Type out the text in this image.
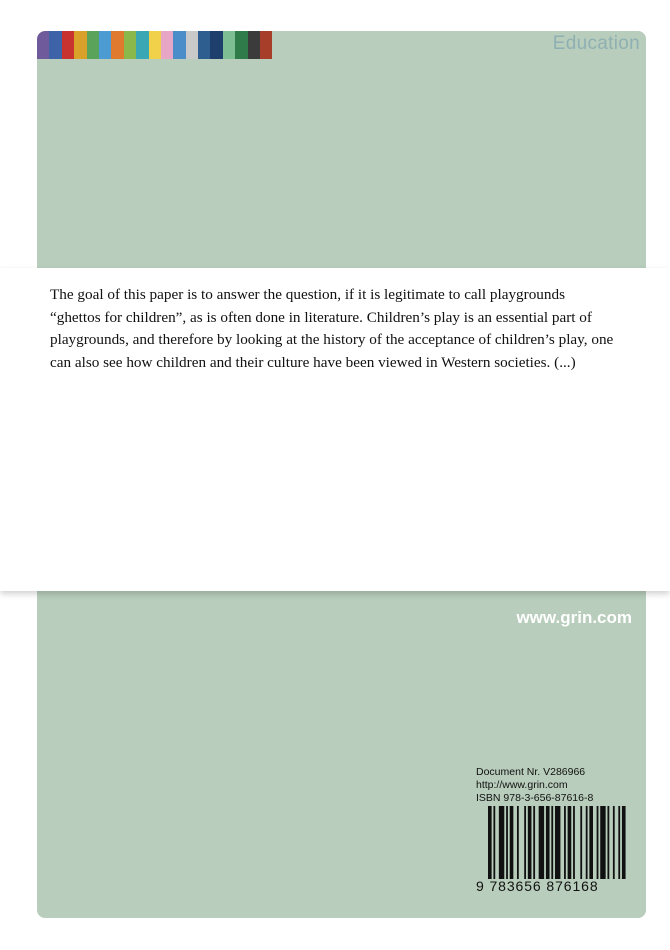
Education

The goal of this paper is to answer the question, if it is legitimate to call playgrounds “ghettos for children”, as is often done in literature. Children’s play is an essential part of playgrounds, and therefore by looking at the history of the acceptance of children’s play, one can also see how children and their culture have been viewed in Western societies. (...)

www.grin.com
Document Nr. V286966
http://www.grin.com
ISBN 978-3-656-87616-8
9 783656 876168
